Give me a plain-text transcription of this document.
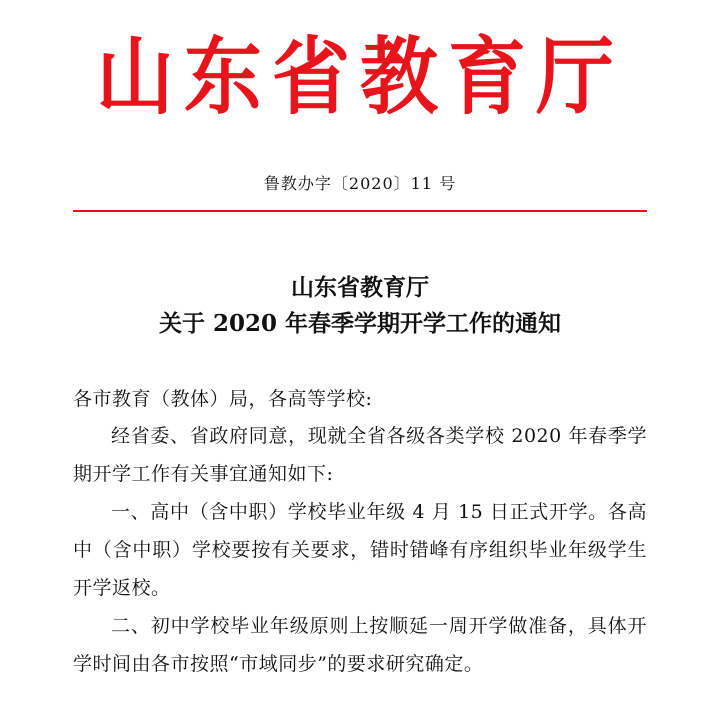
山东省教育厅
鲁教办字〔2020〕11 号
山东省教育厅
关于 2020 年春季学期开学工作的通知
各市教育（教体）局，各高等学校:

经省委、省政府同意，现就全省各级各类学校 2020 年春季学期开学工作有关事宜通知如下:

一、高中（含中职）学校毕业年级 4 月 15 日正式开学。各高中（含中职）学校要按有关要求，错时错峰有序组织毕业年级学生开学返校。

二、初中学校毕业年级原则上按顺延一周开学做准备，具体开学时间由各市按照“市域同步”的要求研究确定。
